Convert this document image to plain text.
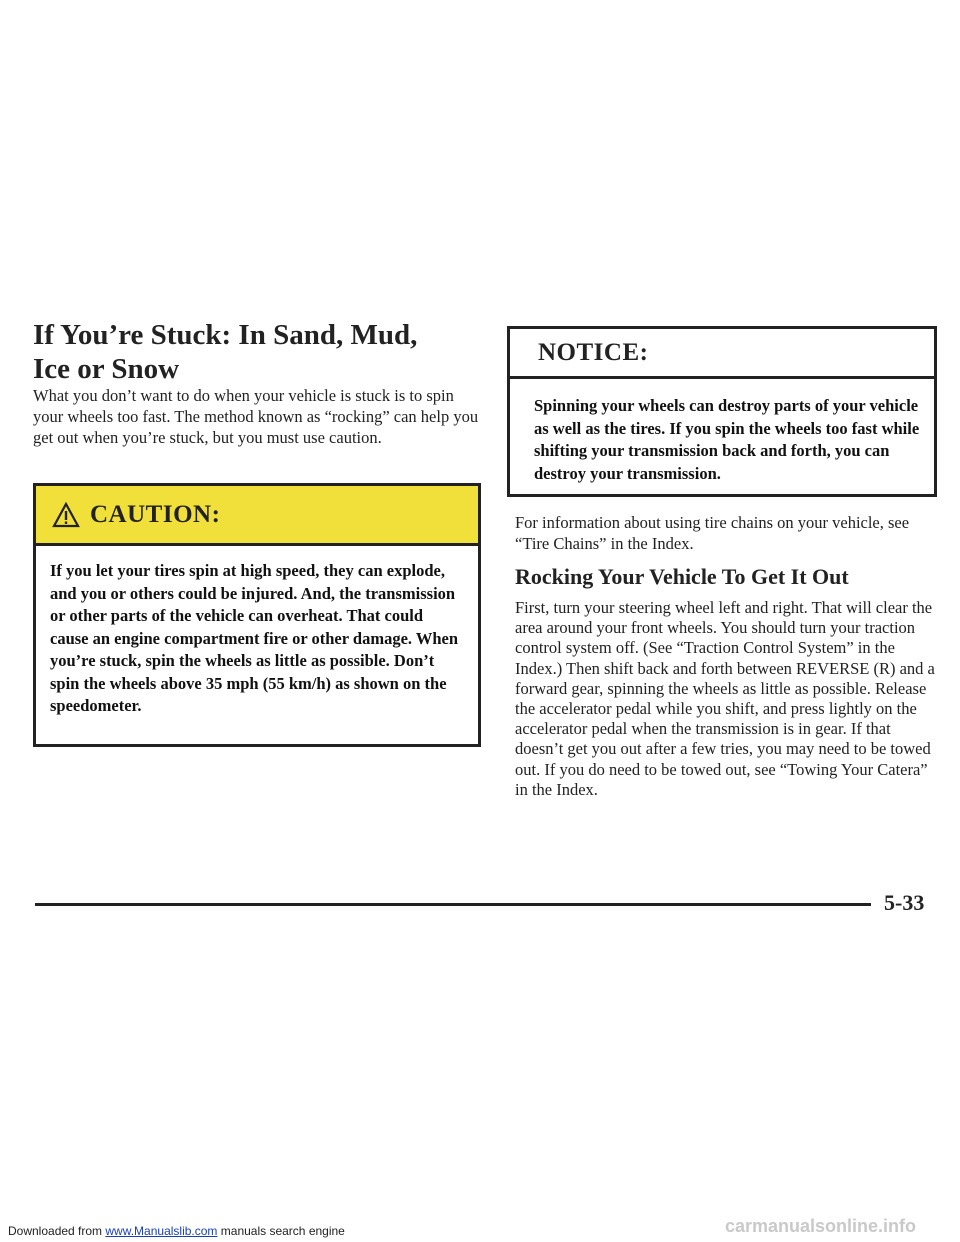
If You’re Stuck: In Sand, Mud,
Ice or Snow

What you don’t want to do when your vehicle is stuck is to spin your wheels too fast. The method known as “rocking” can help you get out when you’re stuck, but you must use caution.

CAUTION:
If you let your tires spin at high speed, they can explode, and you or others could be injured. And, the transmission or other parts of the vehicle can overheat. That could cause an engine compartment fire or other damage. When you’re stuck, spin the wheels as little as possible. Don’t spin the wheels above 35 mph (55 km/h) as shown on the speedometer.
NOTICE:
Spinning your wheels can destroy parts of your vehicle as well as the tires. If you spin the wheels too fast while shifting your transmission back and forth, you can destroy your transmission.

For information about using tire chains on your vehicle, see “Tire Chains” in the Index.

Rocking Your Vehicle To Get It Out

First, turn your steering wheel left and right. That will clear the area around your front wheels. You should turn your traction control system off. (See “Traction Control System” in the Index.) Then shift back and forth between REVERSE (R) and a forward gear, spinning the wheels as little as possible. Release the accelerator pedal while you shift, and press lightly on the accelerator pedal when the transmission is in gear. If that doesn’t get you out after a few tries, you may need to be towed out. If you do need to be towed out, see “Towing Your Catera” in the Index.

5-33
Downloaded from www.Manualslib.com manuals search engine	carmanualsonline.info
